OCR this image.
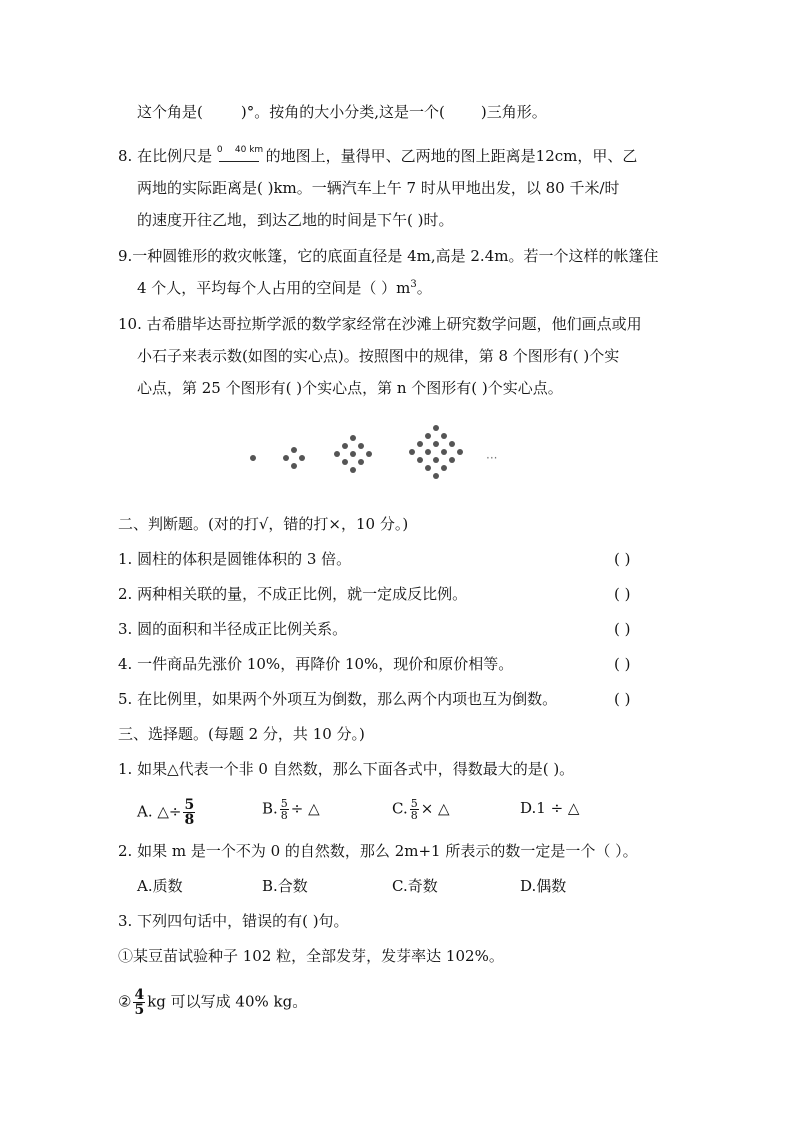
这个角是(	)°。按角的大小分类,这是一个( )三角形。
8. 在比例尺是 0 40 km 的地图上，量得甲、乙两地的图上距离是12cm，甲、乙
两地的实际距离是( )km。一辆汽车上午 7 时从甲地出发，以 80 千米/时
的速度开往乙地，到达乙地的时间是下午( )时。
9.一种圆锥形的救灾帐篷，它的底面直径是 4m,高是 2.4m。若一个这样的帐篷住
4 个人，平均每个人占用的空间是（ ）$m^3$。
10. 古希腊毕达哥拉斯学派的数学家经常在沙滩上研究数学问题，他们画点或用
小石子来表示数(如图的实心点)。按照图中的规律，第 8 个图形有( )个实
心点，第 25 个图形有( )个实心点，第 n 个图形有( )个实心点。
···
二、判断题。(对的打√，错的打×，10 分。)
1. 圆柱的体积是圆锥体积的 3 倍。	( )
2. 两种相关联的量，不成正比例，就一定成反比例。	( )
3. 圆的面积和半径成正比例关系。	( )
4. 一件商品先涨价 10%，再降价 10%，现价和原价相等。	( )
5. 在比例里，如果两个外项互为倒数，那么两个内项也互为倒数。	( )
三、选择题。(每题 2 分，共 10 分。)
1. 如果△代表一个非 0 自然数，那么下面各式中，得数最大的是( )。
A. △÷ $\frac{5}{8}$	B. $\frac{5}{8}$ ÷ △	C. $\frac{5}{8}$ × △	D.1 ÷ △
2. 如果 m 是一个不为 0 的自然数，那么 2m+1 所表示的数一定是一个（ ）。
A.质数	B.合数	C.奇数	D.偶数
3. 下列四句话中，错误的有( )句。
①某豆苗试验种子 102 粒，全部发芽，发芽率达 102%。
② $\frac{4}{5}$ kg 可以写成 40% kg。
